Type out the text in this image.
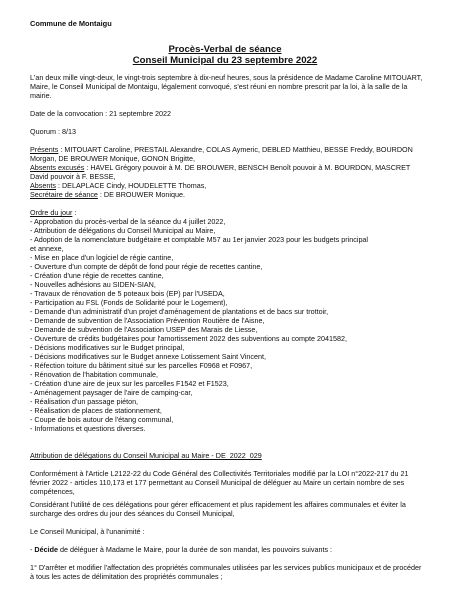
Commune de Montaigu
Procès-Verbal de séance
Conseil Municipal du 23 septembre 2022

L'an deux mille vingt-deux, le vingt-trois septembre à dix-neuf heures, sous la présidence de Madame Caroline MITOUART, Maire, le Conseil Municipal de Montaigu, légalement convoqué, s'est réuni en nombre prescrit par la loi, à la salle de la mairie.

Date de la convocation : 21 septembre 2022

Quorum : 8/13

Présents : MITOUART Caroline, PRESTAIL Alexandre, COLAS Aymeric, DEBLED Matthieu, BESSE Freddy, BOURDON Morgan, DE BROUWER Monique, GONON Brigitte,

Absents excusés : HAVEL Grégory pouvoir à M. DE BROUWER, BENSCH Benoît pouvoir à M. BOURDON, MASCRET David pouvoir à F. BESSE,

Absents : DELAPLACE Cindy, HOUDELETTE Thomas,

Secrétaire de séance : DE BROUWER Monique.

Ordre du jour :

- Approbation du procès-verbal de la séance du 4 juillet 2022,
- Attribution de délégations du Conseil Municipal au Maire,
- Adoption de la nomenclature budgétaire et comptable M57 au 1er janvier 2023 pour les budgets principal
et annexe,
- Mise en place d'un logiciel de régie cantine,
- Ouverture d'un compte de dépôt de fond pour régie de recettes cantine,
- Création d'une régie de recettes cantine,
- Nouvelles adhésions au SIDEN-SIAN,
- Travaux de rénovation de 5 poteaux bois (EP) par l'USEDA,
- Participation au FSL (Fonds de Solidarité pour le Logement),
- Demande d'un administratif d'un projet d'aménagement de plantations et de bacs sur trottoir,
- Demande de subvention de l'Association Prévention Routière de l'Aisne,
- Demande de subvention de l'Association USEP des Marais de Liesse,
- Ouverture de crédits budgétaires pour l'amortissement 2022 des subventions au compte 2041582,
- Décisions modificatives sur le Budget principal,
- Décisions modificatives sur le Budget annexe Lotissement Saint Vincent,
- Réfection toiture du bâtiment situé sur les parcelles F0968 et F0967,
- Rénovation de l'habitation communale,
- Création d'une aire de jeux sur les parcelles F1542 et F1523,
- Aménagement paysager de l'aire de camping-car,
- Réalisation d'un passage piéton,
- Réalisation de places de stationnement,
- Coupe de bois autour de l'étang communal,
- Informations et questions diverses.

Attribution de délégations du Conseil Municipal au Maire - DE_2022_029

Conformément à l'Article L2122-22 du Code Général des Collectivités Territoriales modifié par la LOI n°2022-217 du 21 février 2022 - articles 110,173 et 177 permettant au Conseil Municipal de déléguer au Maire un certain nombre de ses compétences,

Considérant l'utilité de ces délégations pour gérer efficacement et plus rapidement les affaires communales et éviter la surcharge des ordres du jour des séances du Conseil Municipal,

Le Conseil Municipal, à l'unanimité :

- Décide de déléguer à Madame le Maire, pour la durée de son mandat, les pouvoirs suivants :

1° D'arrêter et modifier l'affectation des propriétés communales utilisées par les services publics municipaux et de procéder à tous les actes de délimitation des propriétés communales ;
